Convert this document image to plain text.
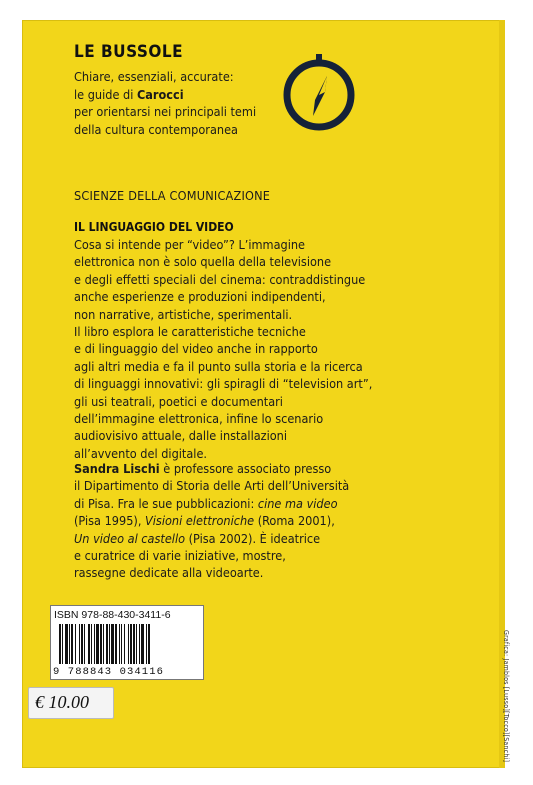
LE BUSSOLE
Chiare, essenziali, accurate:
le guide di Carocci
per orientarsi nei principali temi
della cultura contemporanea
SCIENZE DELLA COMUNICAZIONE
IL LINGUAGGIO DEL VIDEO
Cosa si intende per “video”? L’immagine
elettronica non è solo quella della televisione
e degli effetti speciali del cinema: contraddistingue
anche esperienze e produzioni indipendenti,
non narrative, artistiche, sperimentali.
Il libro esplora le caratteristiche tecniche
e di linguaggio del video anche in rapporto
agli altri media e fa il punto sulla storia e la ricerca
di linguaggi innovativi: gli spiragli di “television art”,
gli usi teatrali, poetici e documentari
dell’immagine elettronica, infine lo scenario
audiovisivo attuale, dalle installazioni
all’avvento del digitale.
Sandra Lischi è professore associato presso
il Dipartimento di Storia delle Arti dell’Università
di Pisa. Fra le sue pubblicazioni: cine ma video
(Pisa 1995), Visioni elettroniche (Roma 2001),
Un video al castello (Pisa 2002). È ideatrice
e curatrice di varie iniziative, mostre,
rassegne dedicate alla videoarte.
Grafica: Jamblos [Lusso][Tocco][Sanchi]
ISBN 978-88-430-3411-6
9 788843 034116
€ 10.00
